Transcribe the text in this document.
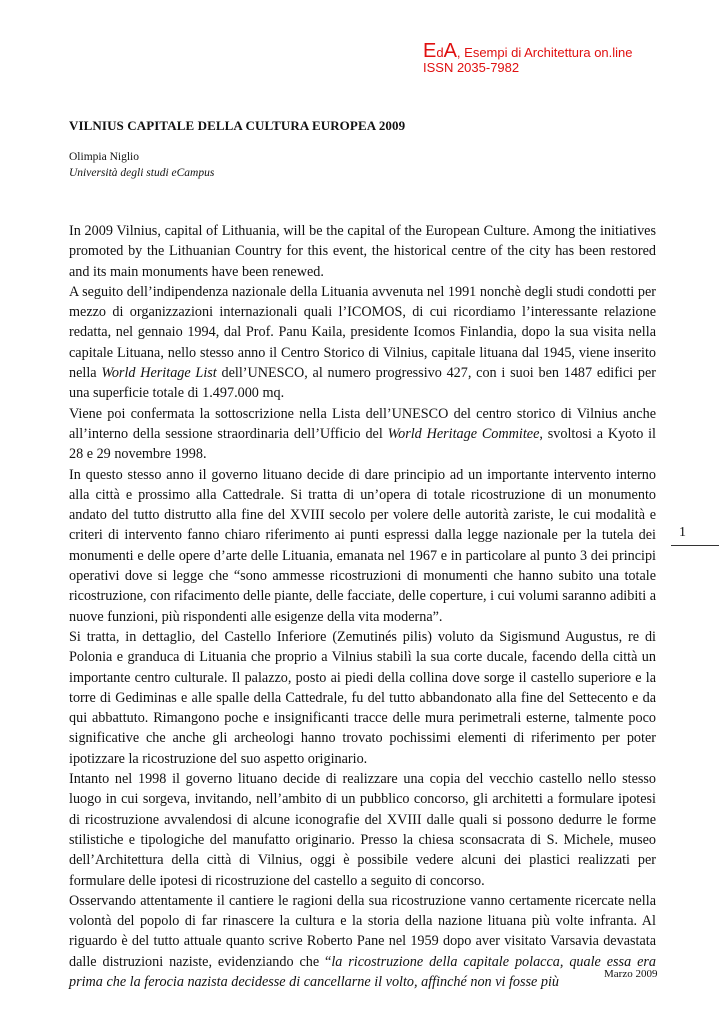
EdA, Esempi di Architettura on.line
ISSN 2035-7982
VILNIUS CAPITALE DELLA CULTURA EUROPEA 2009
Olimpia Niglio
Università degli studi eCampus

In 2009 Vilnius, capital of Lithuania, will be the capital of the European Culture. Among the initiatives promoted by the Lithuanian Country for this event, the historical centre of the city has been restored and its main monuments have been renewed.

A seguito dell’indipendenza nazionale della Lituania avvenuta nel 1991 nonchè degli studi condotti per mezzo di organizzazioni internazionali quali l’ICOMOS, di cui ricordiamo l’interessante relazione redatta, nel gennaio 1994, dal Prof. Panu Kaila, presidente Icomos Finlandia, dopo la sua visita nella capitale Lituana, nello stesso anno il Centro Storico di Vilnius, capitale lituana dal 1945, viene inserito nella World Heritage List dell’UNESCO, al numero progressivo 427, con i suoi ben 1487 edifici per una superficie totale di 1.497.000 mq.

Viene poi confermata la sottoscrizione nella Lista dell’UNESCO del centro storico di Vilnius anche all’interno della sessione straordinaria dell’Ufficio del World Heritage Commitee, svoltosi a Kyoto il 28 e 29 novembre 1998.

In questo stesso anno il governo lituano decide di dare principio ad un importante intervento interno alla città e prossimo alla Cattedrale. Si tratta di un’opera di totale ricostruzione di un monumento andato del tutto distrutto alla fine del XVIII secolo per volere delle autorità zariste, le cui modalità e criteri di intervento fanno chiaro riferimento ai punti espressi dalla legge nazionale per la tutela dei monumenti e delle opere d’arte delle Lituania, emanata nel 1967 e in particolare al punto 3 dei principi operativi dove si legge che “sono ammesse ricostruzioni di monumenti che hanno subito una totale ricostruzione, con rifacimento delle piante, delle facciate, delle coperture, i cui volumi saranno adibiti a nuove funzioni, più rispondenti alle esigenze della vita moderna”.

Si tratta, in dettaglio, del Castello Inferiore (Zemutinés pilis) voluto da Sigismund Augustus, re di Polonia e granduca di Lituania che proprio a Vilnius stabilì la sua corte ducale, facendo della città un importante centro culturale. Il palazzo, posto ai piedi della collina dove sorge il castello superiore e la torre di Gediminas e alle spalle della Cattedrale, fu del tutto abbandonato alla fine del Settecento e da qui abbattuto. Rimangono poche e insignificanti tracce delle mura perimetrali esterne, talmente poco significative che anche gli archeologi hanno trovato pochissimi elementi di riferimento per poter ipotizzare la ricostruzione del suo aspetto originario.

Intanto nel 1998 il governo lituano decide di realizzare una copia del vecchio castello nello stesso luogo in cui sorgeva, invitando, nell’ambito di un pubblico concorso, gli architetti a formulare ipotesi di ricostruzione avvalendosi di alcune iconografie del XVIII dalle quali si possono dedurre le forme stilistiche e tipologiche del manufatto originario. Presso la chiesa sconsacrata di S. Michele, museo dell’Architettura della città di Vilnius, oggi è possibile vedere alcuni dei plastici realizzati per formulare delle ipotesi di ricostruzione del castello a seguito di concorso.

Osservando attentamente il cantiere le ragioni della sua ricostruzione vanno certamente ricercate nella volontà del popolo di far rinascere la cultura e la storia della nazione lituana più volte infranta. Al riguardo è del tutto attuale quanto scrive Roberto Pane nel 1959 dopo aver visitato Varsavia devastata dalle distruzioni naziste, evidenziando che “la ricostruzione della capitale polacca, quale essa era prima che la ferocia nazista decidesse di cancellarne il volto, affinché non vi fosse più

1
Marzo 2009
